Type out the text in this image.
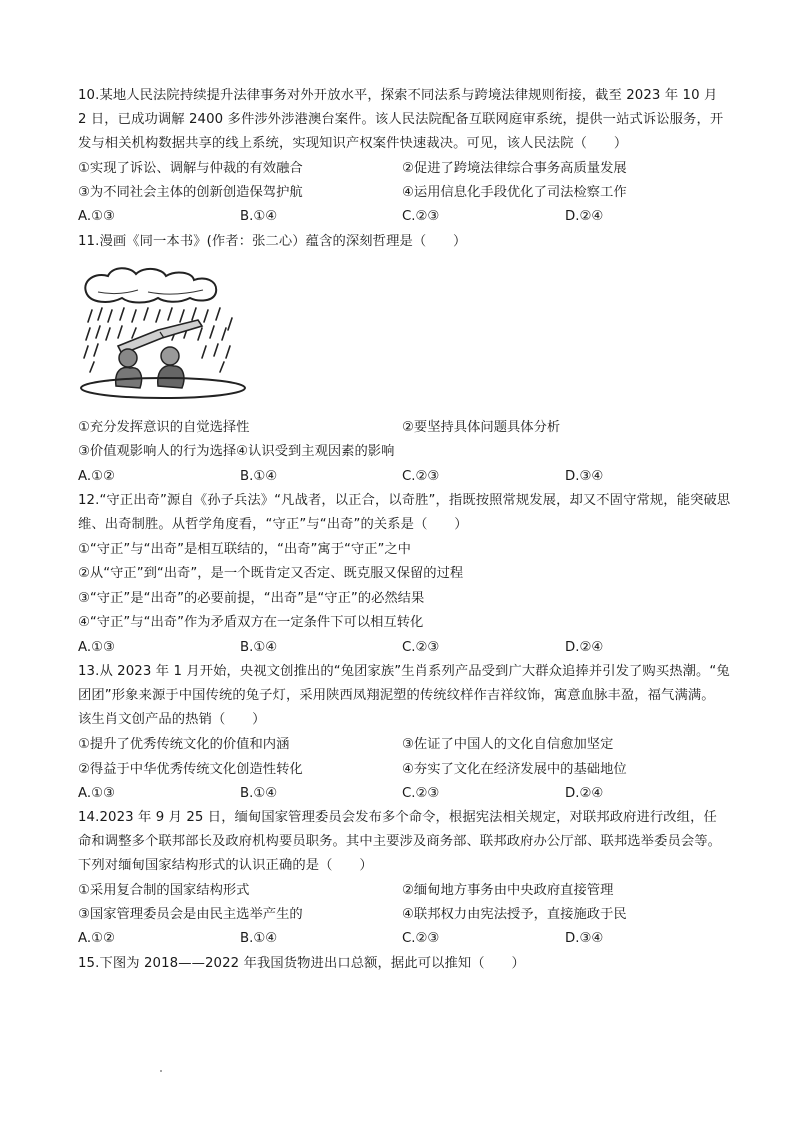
10.某地人民法院持续提升法律事务对外开放水平，探索不同法系与跨境法律规则衔接，截至 2023 年 10 月
2 日，已成功调解 2400 多件涉外涉港澳台案件。该人民法院配备互联网庭审系统，提供一站式诉讼服务，开
发与相关机构数据共享的线上系统，实现知识产权案件快速裁决。可见，该人民法院（　　）
①实现了诉讼、调解与仲裁的有效融合	②促进了跨境法律综合事务高质量发展
③为不同社会主体的创新创造保驾护航	④运用信息化手段优化了司法检察工作
A.①③	B.①④	C.②③	D.②④
11.漫画《同一本书》(作者：张二心）蕴含的深刻哲理是（　　）
①充分发挥意识的自觉选择性	②要坚持具体问题具体分析
③价值观影响人的行为选择④认识受到主观因素的影响
A.①②	B.①④	C.②③	D.③④
12.“守正出奇”源自《孙子兵法》“凡战者，以正合，以奇胜”，指既按照常规发展，却又不固守常规，能突破思
维、出奇制胜。从哲学角度看，“守正”与“出奇”的关系是（　　）
①“守正”与“出奇”是相互联结的，“出奇”寓于“守正”之中
②从“守正”到“出奇”，是一个既肯定又否定、既克服又保留的过程
③“守正”是“出奇”的必要前提，“出奇”是“守正”的必然结果
④“守正”与“出奇”作为矛盾双方在一定条件下可以相互转化
A.①③	B.①④	C.②③	D.②④
13.从 2023 年 1 月开始，央视文创推出的“兔团家族”生肖系列产品受到广大群众追捧并引发了购买热潮。“兔
团团”形象来源于中国传统的兔子灯，采用陕西凤翔泥塑的传统纹样作吉祥纹饰，寓意血脉丰盈，福气满满。
该生肖文创产品的热销（　　）
①提升了优秀传统文化的价值和内涵	③佐证了中国人的文化自信愈加坚定
②得益于中华优秀传统文化创造性转化	④夯实了文化在经济发展中的基础地位
A.①③	B.①④	C.②③	D.②④
14.2023 年 9 月 25 日，缅甸国家管理委员会发布多个命令，根据宪法相关规定，对联邦政府进行改组，任
命和调整多个联邦部长及政府机构要员职务。其中主要涉及商务部、联邦政府办公厅部、联邦选举委员会等。
下列对缅甸国家结构形式的认识正确的是（　　）
①采用复合制的国家结构形式	②缅甸地方事务由中央政府直接管理
③国家管理委员会是由民主选举产生的	④联邦权力由宪法授予，直接施政于民
A.①②	B.①④	C.②③	D.③④
15.下图为 2018——2022 年我国货物进出口总额，据此可以推知（　　）
